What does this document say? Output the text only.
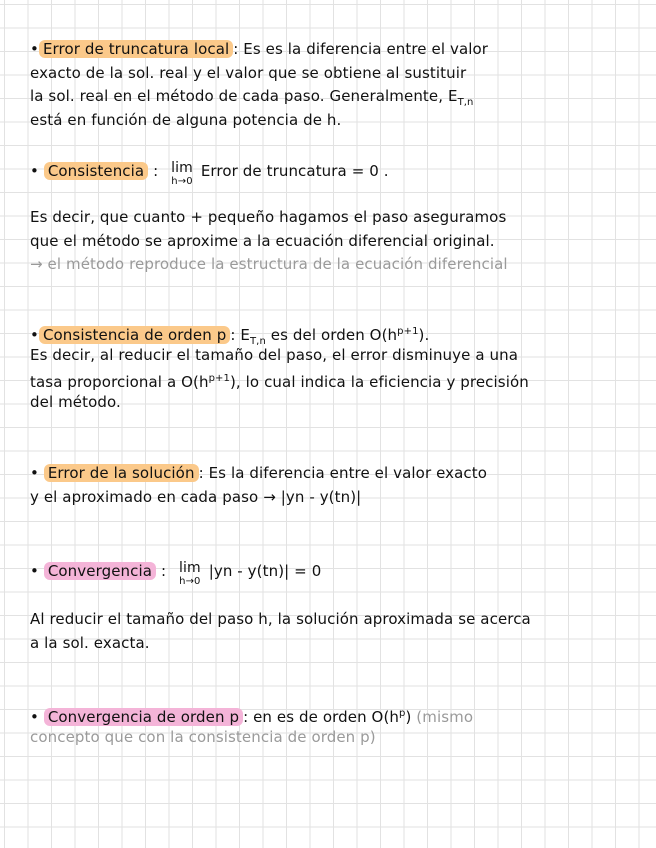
• Error de truncatura local : Es es la diferencia entre el valor
exacto de la sol. real y el valor que se obtiene al sustituir
la sol. real en el método de cada paso. Generalmente, $E_{T,n}$
está en función de alguna potencia de h.
• Consistencia : lim
h→0
Error de truncatura = 0 .
Es decir, que cuanto + pequeño hagamos el paso aseguramos
que el método se aproxime a la ecuación diferencial original.
→ el método reproduce la estructura de la ecuación diferencial
• Consistencia de orden p : $E_{T,n}$ es del orden $O(h^{p+1})$.
Es decir, al reducir el tamaño del paso, el error disminuye a una
tasa proporcional a $O(h^{p+1})$, lo cual indica la eficiencia y precisión
del método.
• Error de la solución : Es la diferencia entre el valor exacto
y el aproximado en cada paso → |yn - y(tn)|
• Convergencia : lim
h→0
|yn - y(tn)| = 0
Al reducir el tamaño del paso h, la solución aproximada se acerca
a la sol. exacta.
• Convergencia de orden p : en es de orden $O(h^p)$ (mismo
concepto que con la consistencia de orden p)
